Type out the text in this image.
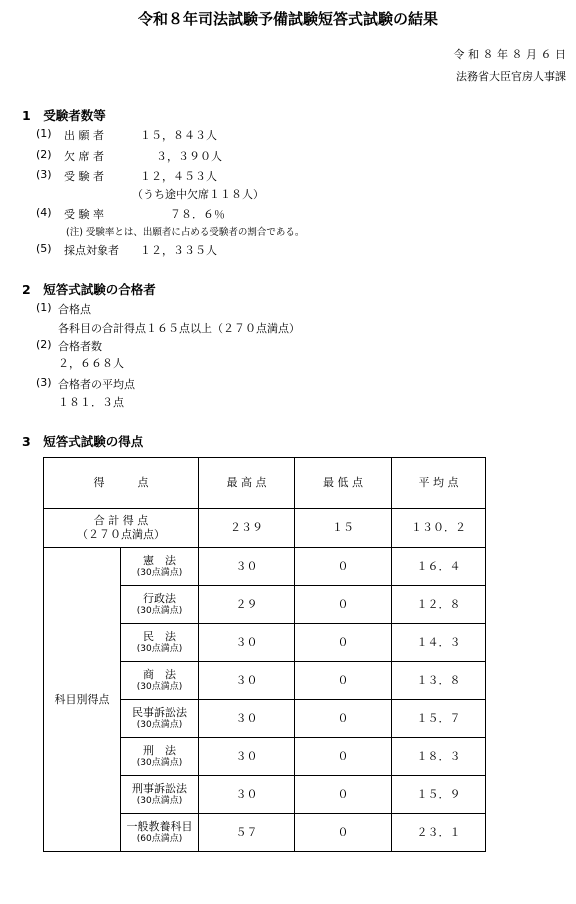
令和８年司法試験予備試験短答式試験の結果
令 和 ８ 年 ８ 月 ６ 日
法務省大臣官房人事課
1　受験者数等
(1) 出 願 者	１５，８４３人
(2) 欠 席 者	３，３９０人
(3) 受 験 者	１２，４５３人
（うち途中欠席１１８人）
(4) 受 験 率	７８．６％
(注) 受験率とは、出願者に占める受験者の割合である。
(5) 採点対象者 １２，３３５人
2　短答式試験の合格者
(1) 合格点
各科目の合計得点１６５点以上（２７０点満点）
(2) 合格者数
２，６６８人
(3) 合格者の平均点
１８１．３点
3　短答式試験の得点
得　　　点		最 高 点	最 低 点	平 均 点

合 計 得 点
（２７０点満点）		２３９	１５	１３０．２
科目別得点	憲　法
(30点満点)	３０	０	１６．４

	行政法
(30点満点)	２９	０	１２．８

	民　法
(30点満点)	３０	０	１４．３

	商　法
(30点満点)	３０	０	１３．８

	民事訴訟法
(30点満点)	３０	０	１５．７

	刑　法
(30点満点)	３０	０	１８．３

	刑事訴訟法
(30点満点)	３０	０	１５．９

	一般教養科目
(60点満点)	５７	０	２３．１
